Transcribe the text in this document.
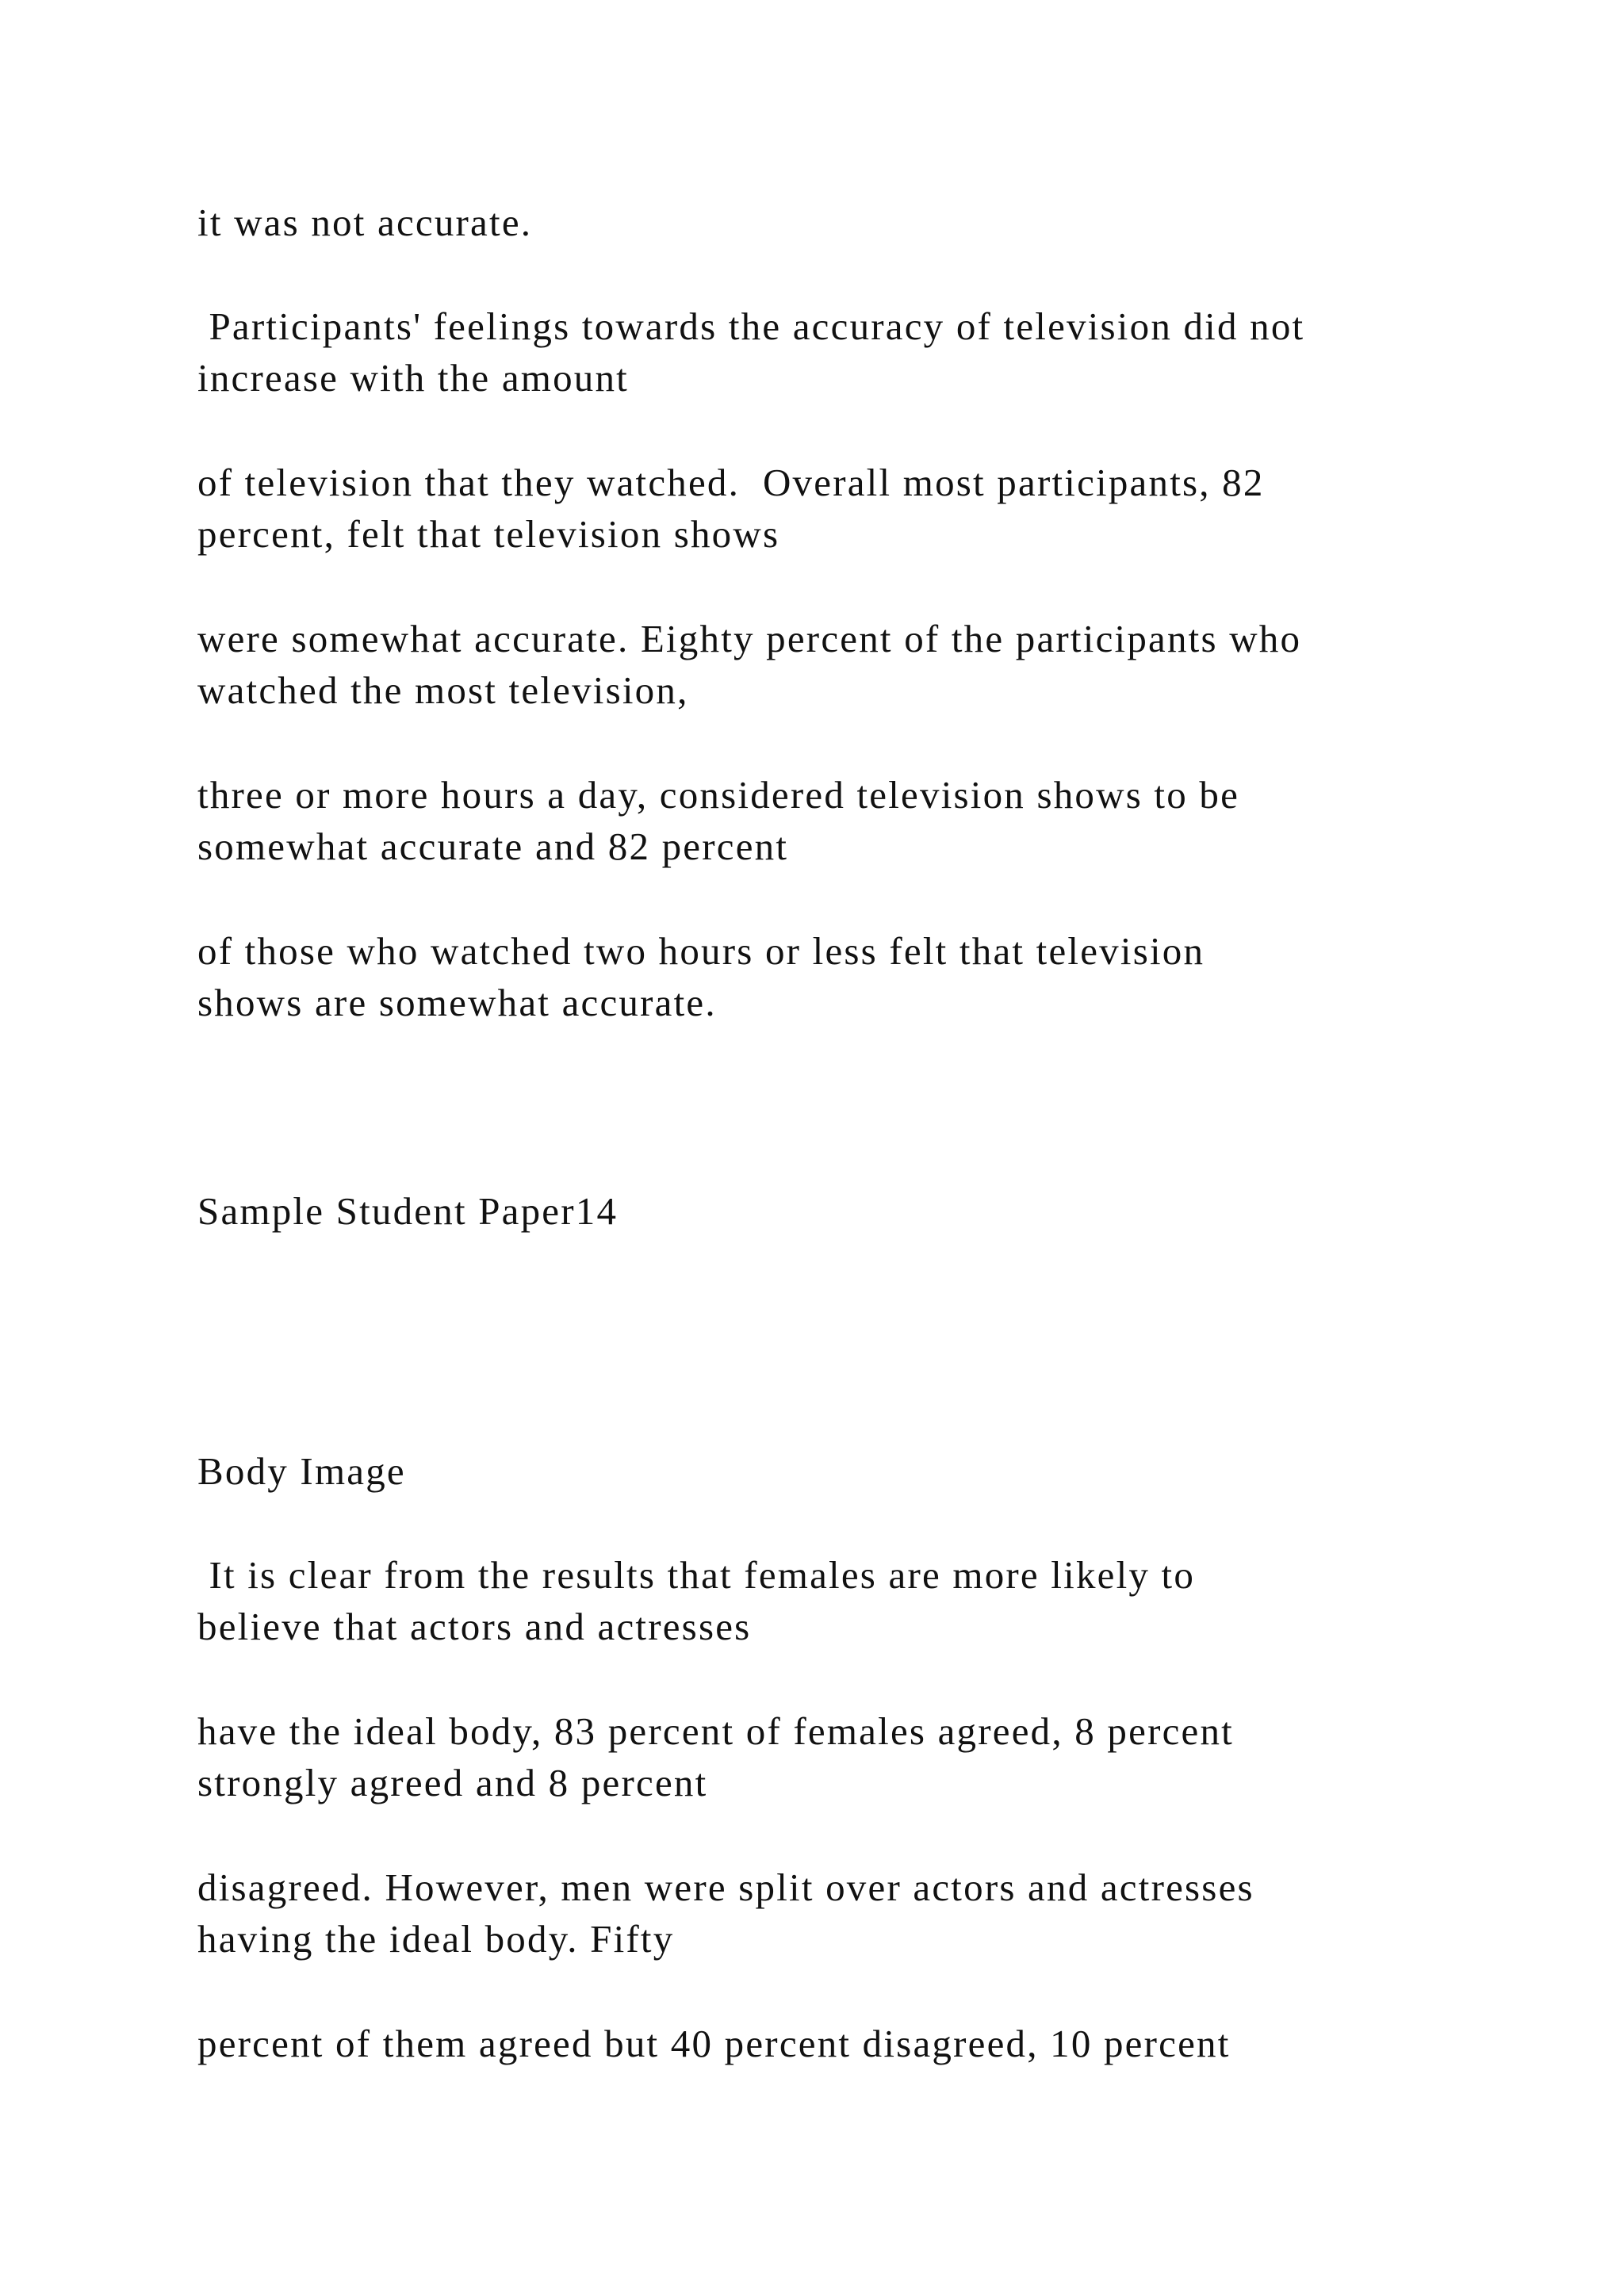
it was not accurate.

Participants' feelings towards the accuracy of television did not

increase with the amount

of television that they watched.  Overall most participants, 82

percent, felt that television shows

were somewhat accurate. Eighty percent of the participants who

watched the most television,

three or more hours a day, considered television shows to be

somewhat accurate and 82 percent

of those who watched two hours or less felt that television

shows are somewhat accurate.

Sample Student Paper14

Body Image

It is clear from the results that females are more likely to

believe that actors and actresses

have the ideal body, 83 percent of females agreed, 8 percent

strongly agreed and 8 percent

disagreed. However, men were split over actors and actresses

having the ideal body. Fifty

percent of them agreed but 40 percent disagreed, 10 percent
